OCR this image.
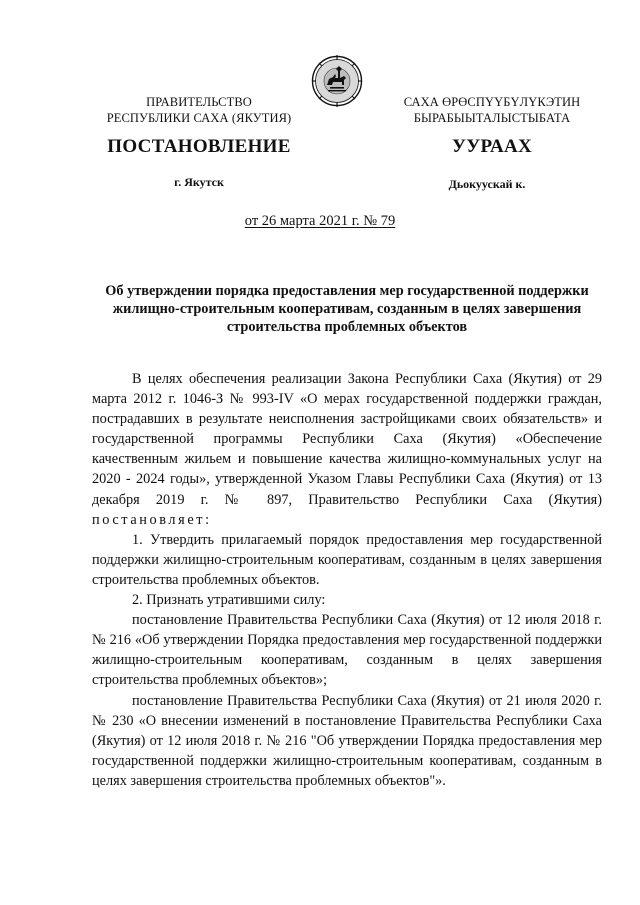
ПРАВИТЕЛЬСТВО
РЕСПУБЛИКИ САХА (ЯКУТИЯ)
САХА ӨРӨСПҮҮБҮЛҮКЭТИН
БЫРАБЫЫТАЛЫСТЫБАТА
ПОСТАНОВЛЕНИЕ	УУРААХ
г. Якутск	Дьокуускай к.
от 26 марта 2021 г. № 79
Об утверждении порядка предоставления мер государственной поддержки жилищно-строительным кооперативам, созданным в целях завершения строительства проблемных объектов

В целях обеспечения реализации Закона Республики Саха (Якутия) от 29 марта 2012 г. 1046-З № 993-IV «О мерах государственной поддержки граждан, пострадавших в результате неисполнения застройщиками своих обязательств» и государственной программы Республики Саха (Якутия) «Обеспечение качественным жильем и повышение качества жилищно-коммунальных услуг на 2020 - 2024 годы», утвержденной Указом Главы Республики Саха (Якутия) от 13 декабря 2019 г. № 897, Правительство Республики Саха (Якутия) постановляет:

1. Утвердить прилагаемый порядок предоставления мер государственной поддержки жилищно-строительным кооперативам, созданным в целях завершения строительства проблемных объектов.

2. Признать утратившими силу:

постановление Правительства Республики Саха (Якутия) от 12 июля 2018 г. № 216 «Об утверждении Порядка предоставления мер государственной поддержки жилищно-строительным кооперативам, созданным в целях завершения строительства проблемных объектов»;

постановление Правительства Республики Саха (Якутия) от 21 июля 2020 г. № 230 «О внесении изменений в постановление Правительства Республики Саха (Якутия) от 12 июля 2018 г. № 216 "Об утверждении Порядка предоставления мер государственной поддержки жилищно-строительным кооперативам, созданным в целях завершения строительства проблемных объектов"».
